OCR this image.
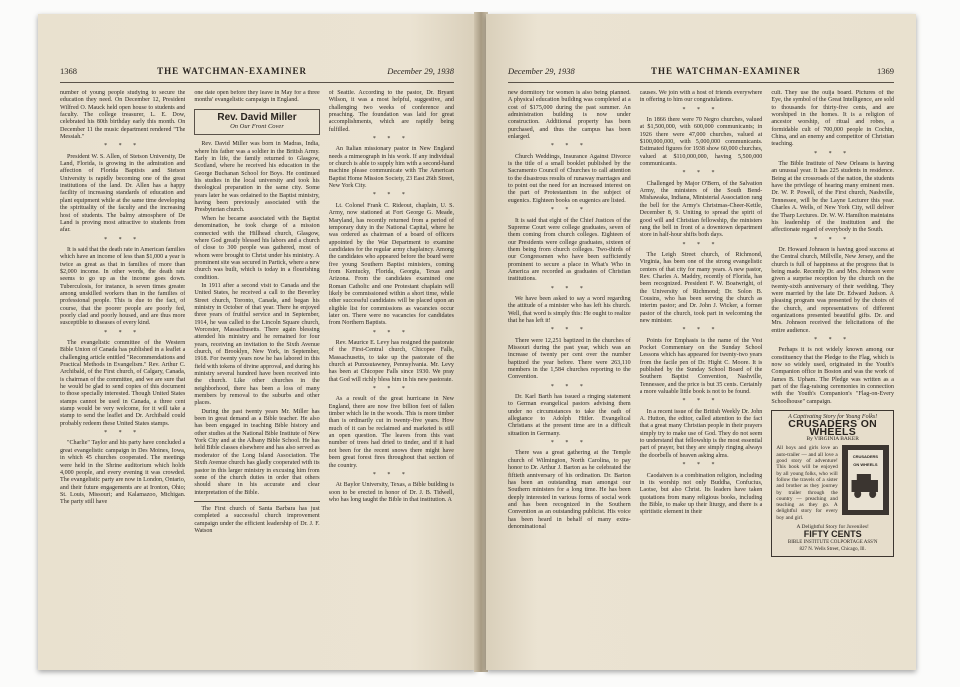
1368	THE WATCHMAN-EXAMINER	December 29, 1938

number of young people studying to secure the education they need. On December 12, President Wilfred O. Mauck held open house to students and faculty. The college treasurer, L. E. Dow, celebrated his 80th birthday early this month. On December 11 the music department rendered "The Messiah."

* * *

President W. S. Allen, of Stetson University, De Land, Florida, is growing in the admiration and affection of Florida Baptists and Stetson University is rapidly becoming one of the great institutions of the land. Dr. Allen has a happy facility of increasing standards of education and plant equipment while at the same time developing the spirituality of the faculty and the increasing host of students. The balmy atmosphere of De Land is proving most attractive to students from afar.

* * *

It is said that the death rate in American families which have an income of less than $1,000 a year is twice as great as that in families of more than $2,000 income. In other words, the death rate seems to go up as the income goes down. Tuberculosis, for instance, is seven times greater among unskilled workers than in the families of professional people. This is due to the fact, of course, that the poorer people are poorly fed, poorly clad and poorly housed, and are thus more susceptible to diseases of every kind.

* * *

The evangelistic committee of the Western Bible Union of Canada has published in a leaflet a challenging article entitled "Recommendations and Practical Methods in Evangelism." Rev. Arthur C. Archibald, of the First church, of Calgary, Canada, is chairman of the committee, and we are sure that he would be glad to send copies of this document to those specially interested. Though United States stamps cannot be used in Canada, a three cent stamp would be very welcome, for it will take a stamp to send the leaflet and Dr. Archibald could probably redeem these United States stamps.

* * *

"Charlie" Taylor and his party have concluded a great evangelistic campaign in Des Moines, Iowa, in which 45 churches cooperated. The meetings were held in the Shrine auditorium which holds 4,000 people, and every evening it was crowded. The evangelistic party are now in London, Ontario, and their future engagements are at Ironton, Ohio; St. Louis, Missouri; and Kalamazoo, Michigan. The party still have

one date open before they leave in May for a three months' evangelistic campaign in England.

Rev. David Miller
On Our Front Cover

Rev. David Miller was born in Madras, India, where his father was a soldier in the British Army. Early in life, the family returned to Glasgow, Scotland, where he received his education in the George Buchanan School for Boys. He continued his studies in the local university and took his theological preparation in the same city. Some years later he was ordained to the Baptist ministry, having been previously associated with the Presbyterian church.

When he became associated with the Baptist denomination, he took charge of a mission connected with the Hillhead church, Glasgow, where God greatly blessed his labors and a church of close to 300 people was gathered, most of whom were brought to Christ under his ministry. A prominent site was secured in Partick, where a new church was built, which is today in a flourishing condition.

In 1911 after a second visit to Canada and the United States, he received a call to the Beverley Street church, Toronto, Canada, and began his ministry in October of that year. There he enjoyed three years of fruitful service and in September, 1914, he was called to the Lincoln Square church, Worcester, Massachusetts. There again blessing attended his ministry and he remained for four years, receiving an invitation to the Sixth Avenue church, of Brooklyn, New York, in September, 1918. For twenty years now he has labored in this field with tokens of divine approval, and during his ministry several hundred have been received into the church. Like other churches in the neighborhood, there has been a loss of many members by removal to the suburbs and other places.

During the past twenty years Mr. Miller has been in great demand as a Bible teacher. He also has been engaged in teaching Bible history and other studies at the National Bible Institute of New York City and at the Albany Bible School. He has held Bible classes elsewhere and has also served as moderator of the Long Island Association. The Sixth Avenue church has gladly cooperated with its pastor in this larger ministry in excusing him from some of the church duties in order that others should share in his accurate and clear interpretation of the Bible.

The First church of Santa Barbara has just completed a successful church improvement campaign under the efficient leadership of Dr. J. F. Watson

of Seattle. According to the pastor, Dr. Bryant Wilson, it was a most helpful, suggestive, and challenging two weeks of conference and preaching. The foundation was laid for great accomplishments, which are rapidly being fulfilled.

* * *

An Italian missionary pastor in New England needs a mimeograph in his work. If any individual or church is able to supply him with a second-hand machine please communicate with The American Baptist Home Mission Society, 23 East 26th Street, New York City.

* * *

Lt. Colonel Frank C. Rideout, chaplain, U. S. Army, now stationed at Fort George G. Meade, Maryland, has recently returned from a period of temporary duty in the National Capital, where he was ordered as chairman of a board of officers appointed by the War Department to examine candidates for the regular army chaplaincy. Among the candidates who appeared before the board were five young Southern Baptist ministers, coming from Kentucky, Florida, Georgia, Texas and Arizona. From the candidates examined one Roman Catholic and one Protestant chaplain will likely be commissioned within a short time, while other successful candidates will be placed upon an eligible list for commissions as vacancies occur later on. There were no vacancies for candidates from Northern Baptists.

* * *

Rev. Maurice E. Levy has resigned the pastorate of the First-Central church, Chicopee Falls, Massachusetts, to take up the pastorate of the church at Punxsutawney, Pennsylvania. Mr. Levy has been at Chicopee Falls since 1930. We pray that God will richly bless him in his new pastorate.

* * *

As a result of the great hurricane in New England, there are now five billion feet of fallen timber which lie in the woods. This is more timber than is ordinarily cut in twenty-five years. How much of it can be reclaimed and marketed is still an open question. The leaves from this vast number of trees had dried to tinder, and if it had not been for the recent snows there might have been great forest fires throughout that section of the country.

* * *

At Baylor University, Texas, a Bible building is soon to be erected in honor of Dr. J. B. Tidwell, who has long taught the Bible in that institution. A

December 29, 1938	THE WATCHMAN-EXAMINER	1369

new dormitory for women is also being planned. A physical education building was completed at a cost of $175,000 during the past summer. An administration building is now under construction. Additional property has been purchased, and thus the campus has been enlarged.

* * *

Church Weddings, Insurance Against Divorce is the title of a small booklet published by the Sacramento Council of Churches to call attention to the disastrous results of runaway marriages and to point out the need for an increased interest on the part of Protestantism in the subject of eugenics. Eighteen books on eugenics are listed.

* * *

It is said that eight of the Chief Justices of the Supreme Court were college graduates, seven of them coming from church colleges. Eighteen of our Presidents were college graduates, sixteen of them being from church colleges. Two-thirds of our Congressmen who have been sufficiently prominent to secure a place in What's Who in America are recorded as graduates of Christian institutions.

* * *

We have been asked to say a word regarding the attitude of a minister who has left his church. Well, that word is simply this: He ought to realize that he has left it!

* * *

There were 12,251 baptized in the churches of Missouri during the past year, which was an increase of twenty per cent over the number baptized the year before. There were 263,110 members in the 1,584 churches reporting to the Convention.

* * *

Dr. Karl Barth has issued a ringing statement to German evangelical pastors advising them under no circumstances to take the oath of allegiance to Adolph Hitler. Evangelical Christians at the present time are in a difficult situation in Germany.

* * *

There was a great gathering at the Temple church of Wilmington, North Carolina, to pay honor to Dr. Arthur J. Barton as he celebrated the fiftieth anniversary of his ordination. Dr. Barton has been an outstanding man amongst our Southern ministers for a long time. He has been deeply interested in various forms of social work and has been recognized in the Southern Convention as an outstanding publicist. His voice has been heard in behalf of many extra-denominational

causes. We join with a host of friends everywhere in offering to him our congratulations.

* * *

In 1866 there were 70 Negro churches, valued at $1,500,000, with 600,000 communicants; in 1926 there were 47,000 churches, valued at $100,000,000, with 5,000,000 communicants. Estimated figures for 1938 show 60,000 churches, valued at $110,000,000, having 5,500,000 communicants.

* * *

Challenged by Major O'Bern, of the Salvation Army, the ministers of the South Bend-Mishawaka, Indiana, Ministerial Association rang the bell for the Army's Christmas-Cheer-Kettle, December 8, 9. Uniting to spread the spirit of good will and Christian fellowship, the ministers rang the bell in front of a downtown department store in half-hour shifts both days.

* * *

The Leigh Street church, of Richmond, Virginia, has been one of the strong evangelistic centers of that city for many years. A new pastor, Rev. Charles A. Maddry, recently of Florida, has been recognized. President F. W. Boatwright, of the University of Richmond; Dr. Solon B. Cousins, who has been serving the church as interim pastor; and Dr. John J. Wicker, a former pastor of the church, took part in welcoming the new minister.

* * *

Points for Emphasis is the name of the Vest Pocket Commentary on the Sunday School Lessons which has appeared for twenty-two years from the facile pen of Dr. Hight C. Moore. It is published by the Sunday School Board of the Southern Baptist Convention, Nashville, Tennessee, and the price is but 35 cents. Certainly a more valuable little book is not to be found.

* * *

In a recent issue of the British Weekly Dr. John A. Hutton, the editor, called attention to the fact that a great many Christian people in their prayers simply try to make use of God. They do not seem to understand that fellowship is the most essential part of prayer, but they are simply ringing always the doorbells of heaven asking alms.

* * *

Caodaiven is a combination religion, including in its worship not only Buddha, Confucius, Laotse, but also Christ. Its leaders have taken quotations from many religious books, including the Bible, to make up their liturgy, and there is a spiritistic element in their

cult. They use the ouija board. Pictures of the Eye, the symbol of the Great Intelligence, are sold to thousands for thirty-five cents, and are worshiped in the homes. It is a religion of ancestor worship, of ritual and robes, a formidable cult of 700,000 people in Cochin, China, and an enemy and competitor of Christian teaching.

* * *

The Bible Institute of New Orleans is having an unusual year. It has 225 students in residence. Being at the crossroads of the nation, the students have the privilege of hearing many eminent men. Dr. W. P. Powell, of the First church, Nashville, Tennessee, will be the Layne Lecturer this year. Charles A. Wells, of New York City, will deliver the Tharp Lectures. Dr. W. W. Hamilton maintains his leadership of the institution and the affectionate regard of everybody in the South.

* * *

Dr. Howard Johnson is having good success at the Central church, Millville, New Jersey, and the church is full of happiness at the progress that is being made. Recently Dr. and Mrs. Johnson were given a surprise reception by the church on the twenty-sixth anniversary of their wedding. They were married by the late Dr. Edward Judson. A pleasing program was presented by the choirs of the church, and representatives of different organizations presented beautiful gifts. Dr. and Mrs. Johnson received the felicitations of the entire audience.

* * *

Perhaps it is not widely known among our constituency that the Pledge to the Flag, which is now so widely used, originated in the Youth's Companion office in Boston and was the work of James B. Upham. The Pledge was written as a part of the flag-raising ceremonies in connection with the Youth's Companion's "Flag-on-Every Schoolhouse" campaign.

A Captivating Story for Young Folks!
CRUSADERS ON WHEELS
By VIRGINIA BAKER
All boys and girls love an auto-trailer — and all love a good story of adventure! This book will be enjoyed by all young folks, who will follow the travels of a sister and brother as they journey by trailer through the country — preaching and teaching as they go. A delightful story for every boy and girl.
CRUSADERS ON WHEELS
A Delightful Story for Juveniles!
FIFTY CENTS
BIBLE INSTITUTE COLPORTAGE ASS'N
827 N. Wells Street, Chicago, Ill.
